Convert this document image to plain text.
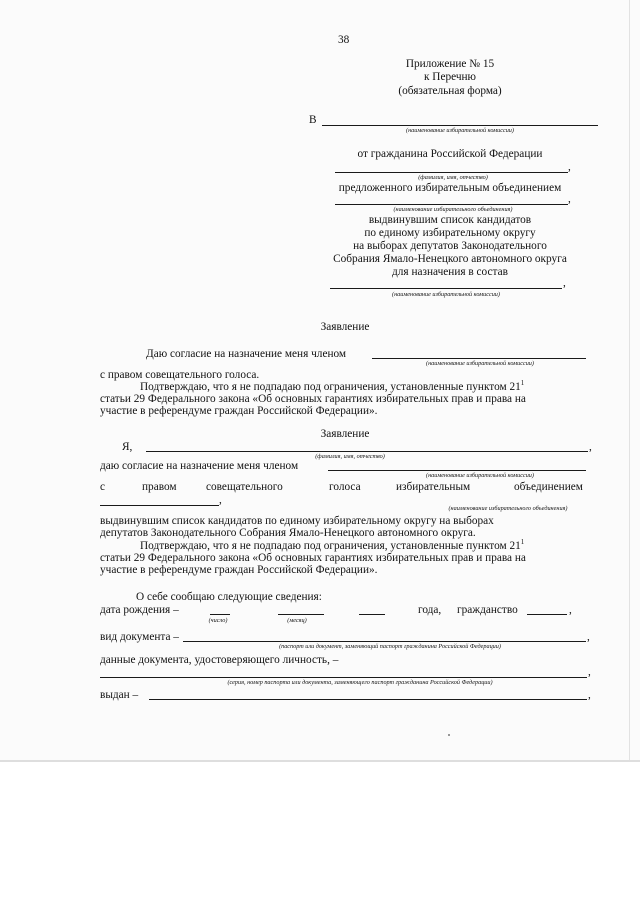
38
Приложение № 15
к Перечню
(обязательная форма)
В
(наименование избирательной комиссии)
от гражданина Российской Федерации
,
(фамилия, имя, отчество)
предложенного избирательным объединением
,
(наименование избирательного объединения)
выдвинувшим список кандидатов
по единому избирательному округу
на выборах депутатов Законодательного
Собрания Ямало-Ненецкого автономного округа
для назначения в состав
,
(наименование избирательной комиссии)
Заявление
Даю согласие на назначение меня членом
(наименование избирательной комиссии)
с правом совещательного голоса.
Подтверждаю, что я не подпадаю под ограничения, установленные пунктом $21^1$
статьи 29 Федерального закона «Об основных гарантиях избирательных прав и права на
участие в референдуме граждан Российской Федерации».
Заявление
Я,	,
(фамилия, имя, отчество)
даю согласие на назначение меня членом
(наименование избирательной комиссии)
с	правом	совещательного	голоса	избирательным	объединением
,
(наименование избирательного объединения)
выдвинувшим список кандидатов по единому избирательному округу на выборах
депутатов Законодательного Собрания Ямало-Ненецкого автономного округа.
Подтверждаю, что я не подпадаю под ограничения, установленные пунктом $21^1$
статьи 29 Федерального закона «Об основных гарантиях избирательных прав и права на
участие в референдуме граждан Российской Федерации».
О себе сообщаю следующие сведения:
дата рождения –	года, гражданство	,
(число)	(месяц)
вид документа –	,
(паспорт или документ, заменяющий паспорт гражданина Российской Федерации)
данные документа, удостоверяющего личность, –
,
(серия, номер паспорта или документа, заменяющего паспорт гражданина Российской Федерации)
выдан –	,
